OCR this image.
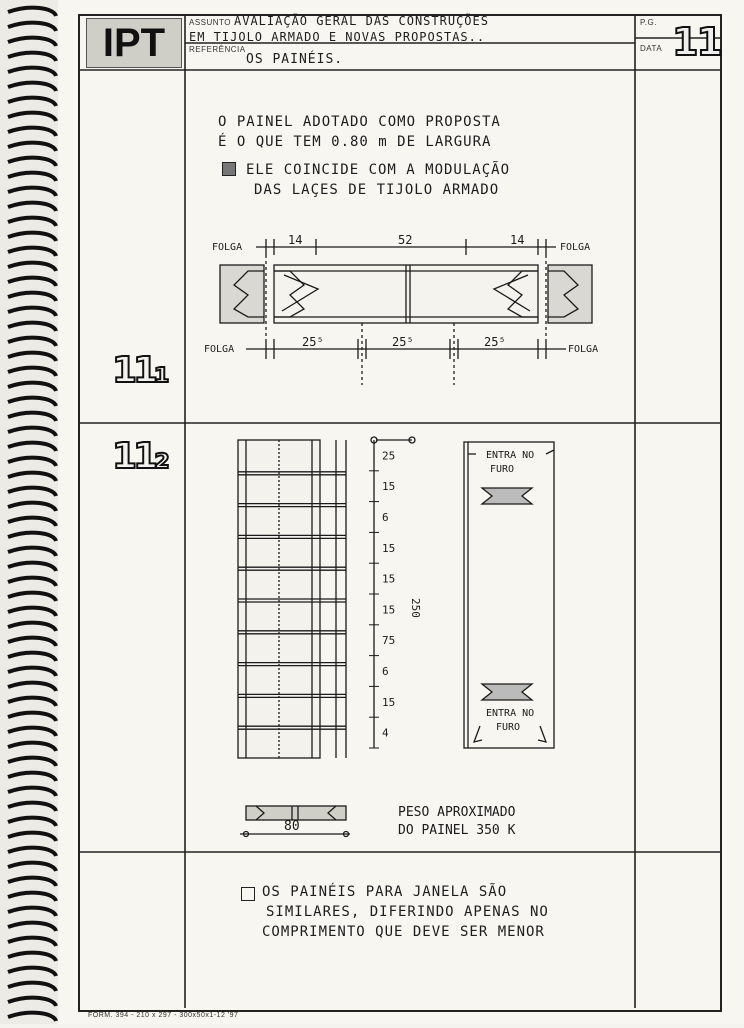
IPT	ASSUNTO AVALIAÇÃO GERAL DAS CONSTRUÇÕES
EM TIJOLO ARMADO E NOVAS PROPOSTAS..
REFERÊNCIA
OS PAINÉIS.
P.G.
DATA 11
O PAINEL ADOTADO COMO PROPOSTA
É O QUE TEM 0.80 m DE LARGURA
ELE COINCIDE COM A MODULAÇÃO
DAS LAÇES DE TIJOLO ARMADO
11₁
FOLGA
14	52	14
FOLGA
FOLGA
25⁵	25⁵	25⁵
FOLGA
11₂	25
15
6
15
15
15
75
6
15
4
250
ENTRA NO
FURO
ENTRA NO
FURO
80
PESO APROXIMADO
DO PAINEL 350 K
OS PAINÉIS PARA JANELA SÃO
SIMILARES, DIFERINDO APENAS NO
COMPRIMENTO QUE DEVE SER MENOR
FORM. 394 - 210 x 297 - 300x50x1-12 '97
